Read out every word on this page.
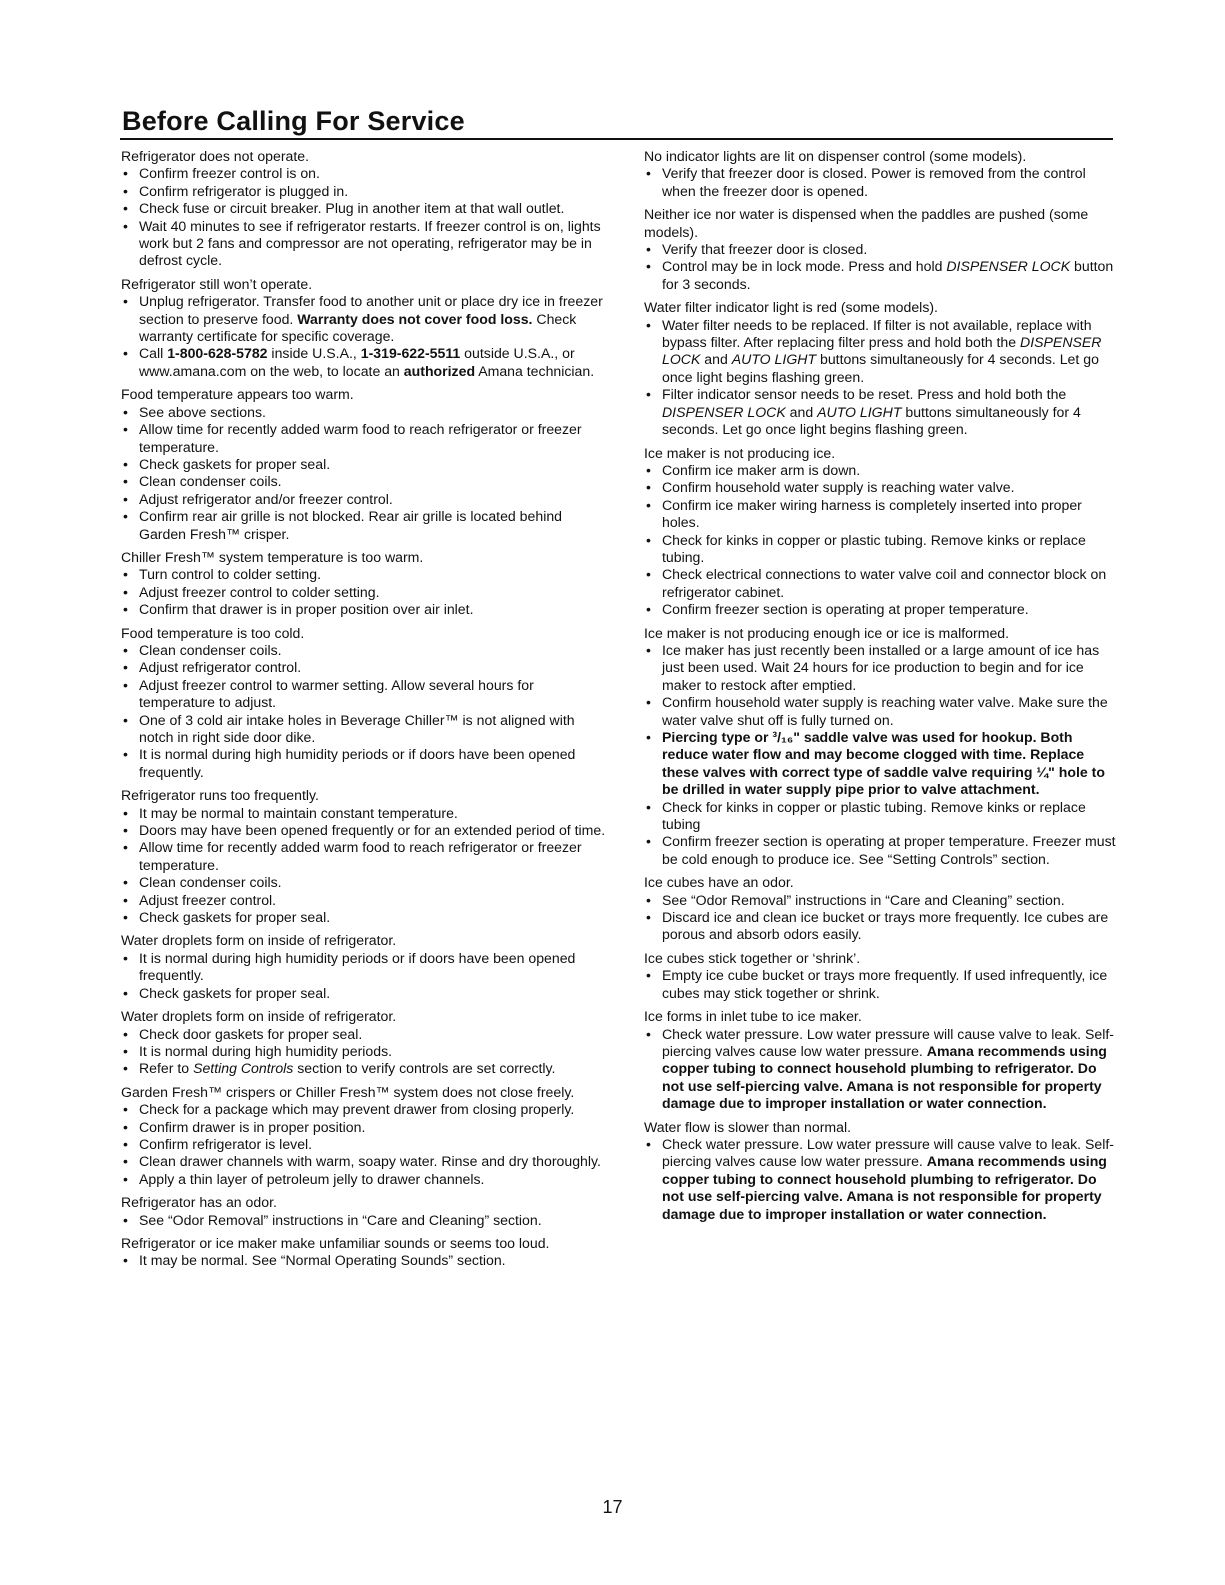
Before Calling For Service

Refrigerator does not operate.

• Confirm freezer control is on.
• Confirm refrigerator is plugged in.
• Check fuse or circuit breaker. Plug in another item at that wall outlet.
• Wait 40 minutes to see if refrigerator restarts. If freezer control is on, lights work but 2 fans and compressor are not operating, refrigerator may be in defrost cycle.

Refrigerator still won’t operate.

• Unplug refrigerator. Transfer food to another unit or place dry ice in freezer section to preserve food. Warranty does not cover food loss. Check warranty certificate for specific coverage.
• Call 1-800-628-5782 inside U.S.A., 1-319-622-5511 outside U.S.A., or www.amana.com on the web, to locate an authorized Amana technician.

Food temperature appears too warm.

• See above sections.
• Allow time for recently added warm food to reach refrigerator or freezer temperature.
• Check gaskets for proper seal.
• Clean condenser coils.
• Adjust refrigerator and/or freezer control.
• Confirm rear air grille is not blocked. Rear air grille is located behind Garden Fresh™ crisper.

Chiller Fresh™ system temperature is too warm.

• Turn control to colder setting.
• Adjust freezer control to colder setting.
• Confirm that drawer is in proper position over air inlet.

Food temperature is too cold.

• Clean condenser coils.
• Adjust refrigerator control.
• Adjust freezer control to warmer setting. Allow several hours for temperature to adjust.
• One of 3 cold air intake holes in Beverage Chiller™ is not aligned with notch in right side door dike.
• It is normal during high humidity periods or if doors have been opened frequently.

Refrigerator runs too frequently.

• It may be normal to maintain constant temperature.
• Doors may have been opened frequently or for an extended period of time.
• Allow time for recently added warm food to reach refrigerator or freezer temperature.
• Clean condenser coils.
• Adjust freezer control.
• Check gaskets for proper seal.

Water droplets form on inside of refrigerator.

• It is normal during high humidity periods or if doors have been opened frequently.
• Check gaskets for proper seal.

Water droplets form on inside of refrigerator.

• Check door gaskets for proper seal.
• It is normal during high humidity periods.
• Refer to Setting Controls section to verify controls are set correctly.

Garden Fresh™ crispers or Chiller Fresh™ system does not close freely.

• Check for a package which may prevent drawer from closing properly.
• Confirm drawer is in proper position.
• Confirm refrigerator is level.
• Clean drawer channels with warm, soapy water. Rinse and dry thoroughly.
• Apply a thin layer of petroleum jelly to drawer channels.

Refrigerator has an odor.

• See “Odor Removal” instructions in “Care and Cleaning” section.

Refrigerator or ice maker make unfamiliar sounds or seems too loud.

• It may be normal. See “Normal Operating Sounds” section.

No indicator lights are lit on dispenser control (some models).

• Verify that freezer door is closed. Power is removed from the control when the freezer door is opened.

Neither ice nor water is dispensed when the paddles are pushed (some models).

• Verify that freezer door is closed.
• Control may be in lock mode. Press and hold DISPENSER LOCK button for 3 seconds.

Water filter indicator light is red (some models).

• Water filter needs to be replaced. If filter is not available, replace with bypass filter. After replacing filter press and hold both the DISPENSER LOCK and AUTO LIGHT buttons simultaneously for 4 seconds. Let go once light begins flashing green.
• Filter indicator sensor needs to be reset. Press and hold both the DISPENSER LOCK and AUTO LIGHT buttons simultaneously for 4 seconds. Let go once light begins flashing green.

Ice maker is not producing ice.

• Confirm ice maker arm is down.
• Confirm household water supply is reaching water valve.
• Confirm ice maker wiring harness is completely inserted into proper holes.
• Check for kinks in copper or plastic tubing. Remove kinks or replace tubing.
• Check electrical connections to water valve coil and connector block on refrigerator cabinet.
• Confirm freezer section is operating at proper temperature.

Ice maker is not producing enough ice or ice is malformed.

• Ice maker has just recently been installed or a large amount of ice has just been used. Wait 24 hours for ice production to begin and for ice maker to restock after emptied.
• Confirm household water supply is reaching water valve. Make sure the water valve shut off is fully turned on.
• Piercing type or ³/₁₆" saddle valve was used for hookup. Both reduce water flow and may become clogged with time. Replace these valves with correct type of saddle valve requiring ¼" hole to be drilled in water supply pipe prior to valve attachment.
• Check for kinks in copper or plastic tubing. Remove kinks or replace tubing
• Confirm freezer section is operating at proper temperature. Freezer must be cold enough to produce ice. See “Setting Controls” section.

Ice cubes have an odor.

• See “Odor Removal” instructions in “Care and Cleaning” section.
• Discard ice and clean ice bucket or trays more frequently. Ice cubes are porous and absorb odors easily.

Ice cubes stick together or ‘shrink’.

• Empty ice cube bucket or trays more frequently. If used infrequently, ice cubes may stick together or shrink.

Ice forms in inlet tube to ice maker.

• Check water pressure. Low water pressure will cause valve to leak. Self-piercing valves cause low water pressure. Amana recommends using copper tubing to connect household plumbing to refrigerator. Do not use self-piercing valve. Amana is not responsible for property damage due to improper installation or water connection.

Water flow is slower than normal.

• Check water pressure. Low water pressure will cause valve to leak. Self-piercing valves cause low water pressure. Amana recommends using copper tubing to connect household plumbing to refrigerator. Do not use self-piercing valve. Amana is not responsible for property damage due to improper installation or water connection.
17
